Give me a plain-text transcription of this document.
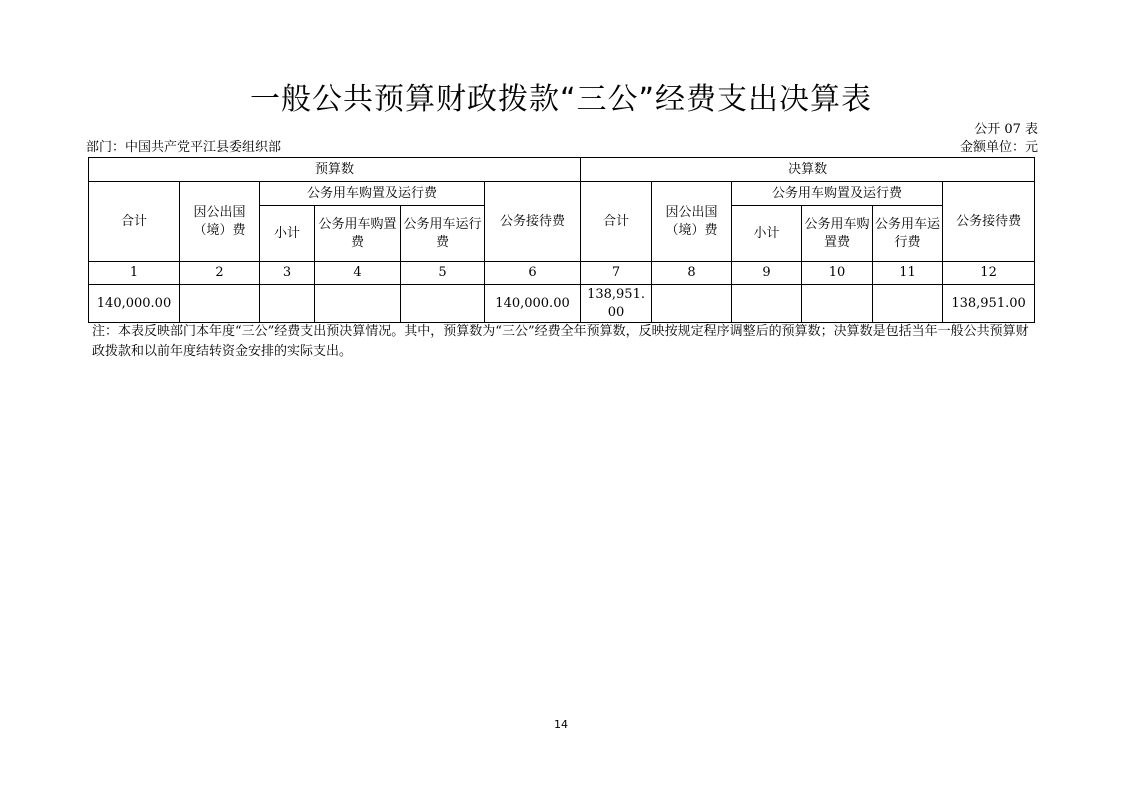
一般公共预算财政拨款“三公”经费支出决算表
公开 07 表
部门：中国共产党平江县委组织部	金额单位：元
预算数						决算数					
合计	因公出国（境）费	公务用车购置及运行费			公务接待费	合计	因公出国（境）费	公务用车购置及运行费			公务接待费
		小计	公务用车购置费	公务用车运行费				小计	公务用车购置费	公务用车运行费	
1	2	3	4	5	6	7	8	9	10	11	12
140,000.00					140,000.00	138,951.00					138,951.00
注：本表反映部门本年度“三公”经费支出预决算情况。其中，预算数为“三公”经费全年预算数，反映按规定程序调整后的预算数；决算数是包括当年一般公共预算财政拨款和以前年度结转资金安排的实际支出。
14
